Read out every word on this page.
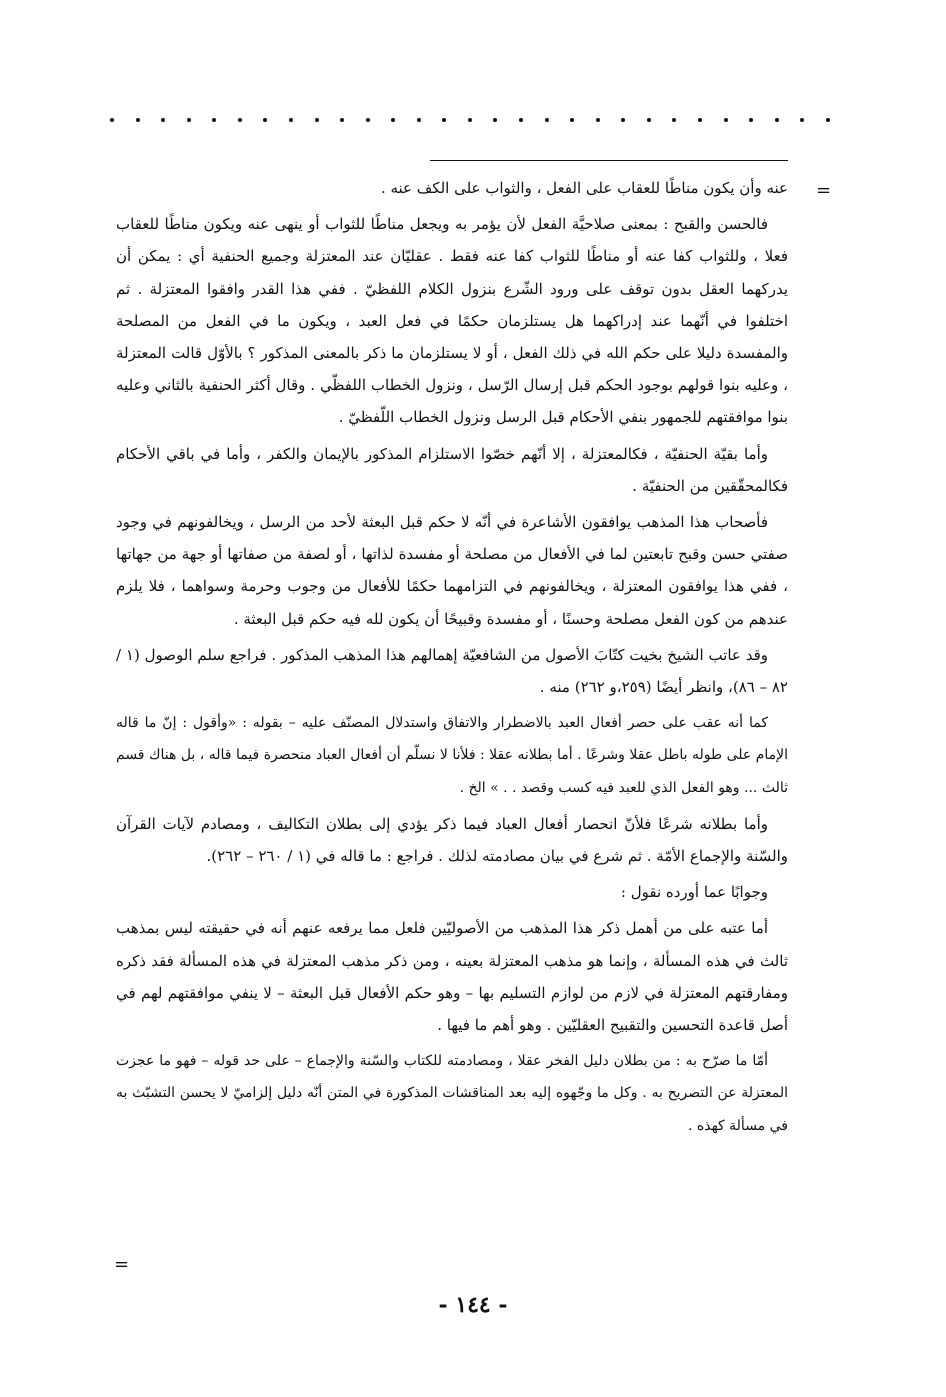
=

عنه وأن يكون مناطًا للعقاب على الفعل ، والثواب على الكف عنه .

فالحسن والقبح : بمعنى صلاحيَّة الفعل لأن يؤمر به ويجعل مناطًا للثواب أو ينهى عنه ويكون مناطًا للعقاب فعلا ، وللثواب كفا عنه أو مناطًا للثواب كفا عنه فقط . عقليّان عند المعتزلة وجميع الحنفية أي : يمكن أن يدركهما العقل بدون توقف على ورود الشّرع بنزول الكلام اللفظيّ . ففي هذا القدر وافقوا المعتزلة . ثم اختلفوا في أنّهما عند إدراكهما هل يستلزمان حكمًا في فعل العبد ، ويكون ما في الفعل من المصلحة والمفسدة دليلا على حكم الله في ذلك الفعل ، أو لا يستلزمان ما ذكر بالمعنى المذكور ؟ بالأوّل قالت المعتزلة ، وعليه بنوا قولهم بوجود الحكم قبل إرسال الرّسل ، ونزول الخطاب اللفظّي . وقال أكثر الحنفية بالثاني وعليه بنوا موافقتهم للجمهور بنفي الأحكام قبل الرسل ونزول الخطاب اللّفظيّ .

وأما بقيّة الحنفيّة ، فكالمعتزلة ، إلا أنّهم خصّوا الاستلزام المذكور بالإيمان والكفر ، وأما في باقي الأحكام فكالمحقّقين من الحنفيّة .

فأصحاب هذا المذهب يوافقون الأشاعرة في أنّه لا حكم قبل البعثة لأحد من الرسل ، ويخالفونهم في وجود صفتي حسن وقبح تابعتين لما في الأفعال من مصلحة أو مفسدة لذاتها ، أو لصفة من صفاتها أو جهة من جهاتها ، ففي هذا يوافقون المعتزلة ، ويخالفونهم في التزامهما حكمًا للأفعال من وجوب وحرمة وسواهما ، فلا يلزم عندهم من كون الفعل مصلحة وحسنًا ، أو مفسدة وقبيحًا أن يكون لله فيه حكم قبل البعثة .

وقد عاتب الشيخ بخيت كتّابَ الأصول من الشافعيّة إهمالهم هذا المذهب المذكور . فراجع سلم الوصول (١ / ٨٢ – ٨٦)، وانظر أيضًا (٢٥٩،و ٢٦٢) منه .

كما أنه عقب على حصر أفعال العبد بالاضطرار والاتفاق واستدلال المصنّف عليه – بقوله : «وأقول : إنّ ما قاله الإمام على طوله باطل عقلا وشرعًا . أما بطلانه عقلا : فلأنا لا نسلّم أن أفعال العباد منحصرة فيما قاله ، بل هناك قسم ثالث ... وهو الفعل الذي للعبد فيه كسب وقصد . . » الخ .

وأما بطلانه شرعًا فلأنّ انحصار أفعال العباد فيما ذكر يؤدي إلى بطلان التكاليف ، ومصادم لآيات القرآن والسّنة والإجماع الأمّة . ثم شرع في بيان مصادمته لذلك . فراجع : ما قاله في (١ / ٢٦٠ – ٢٦٢).

وجوابًا عما أورده نقول :

أما عتبه على من أهمل ذكر هذا المذهب من الأصوليّين فلعل مما يرفعه عنهم أنه في حقيقته ليس بمذهب ثالث في هذه المسألة ، وإنما هو مذهب المعتزلة بعينه ، ومن ذكر مذهب المعتزلة في هذه المسألة فقد ذكره ومفارقتهم المعتزلة في لازم من لوازم التسليم بها – وهو حكم الأفعال قبل البعثة – لا ينفي موافقتهم لهم في أصل قاعدة التحسين والتقبيح العقليّين . وهو أهم ما فيها .

أمّا ما صرّح به : من بطلان دليل الفخر عقلا ، ومصادمته للكتاب والسّنة والإجماع – على حد قوله – فهو ما عجزت المعتزلة عن التصريح به . وكل ما وجّهوه إليه بعد المناقشات المذكورة في المتن أنّه دليل إلزاميّ لا يحسن التشبّث به في مسألة كهذه .

=
- ١٤٤ -
